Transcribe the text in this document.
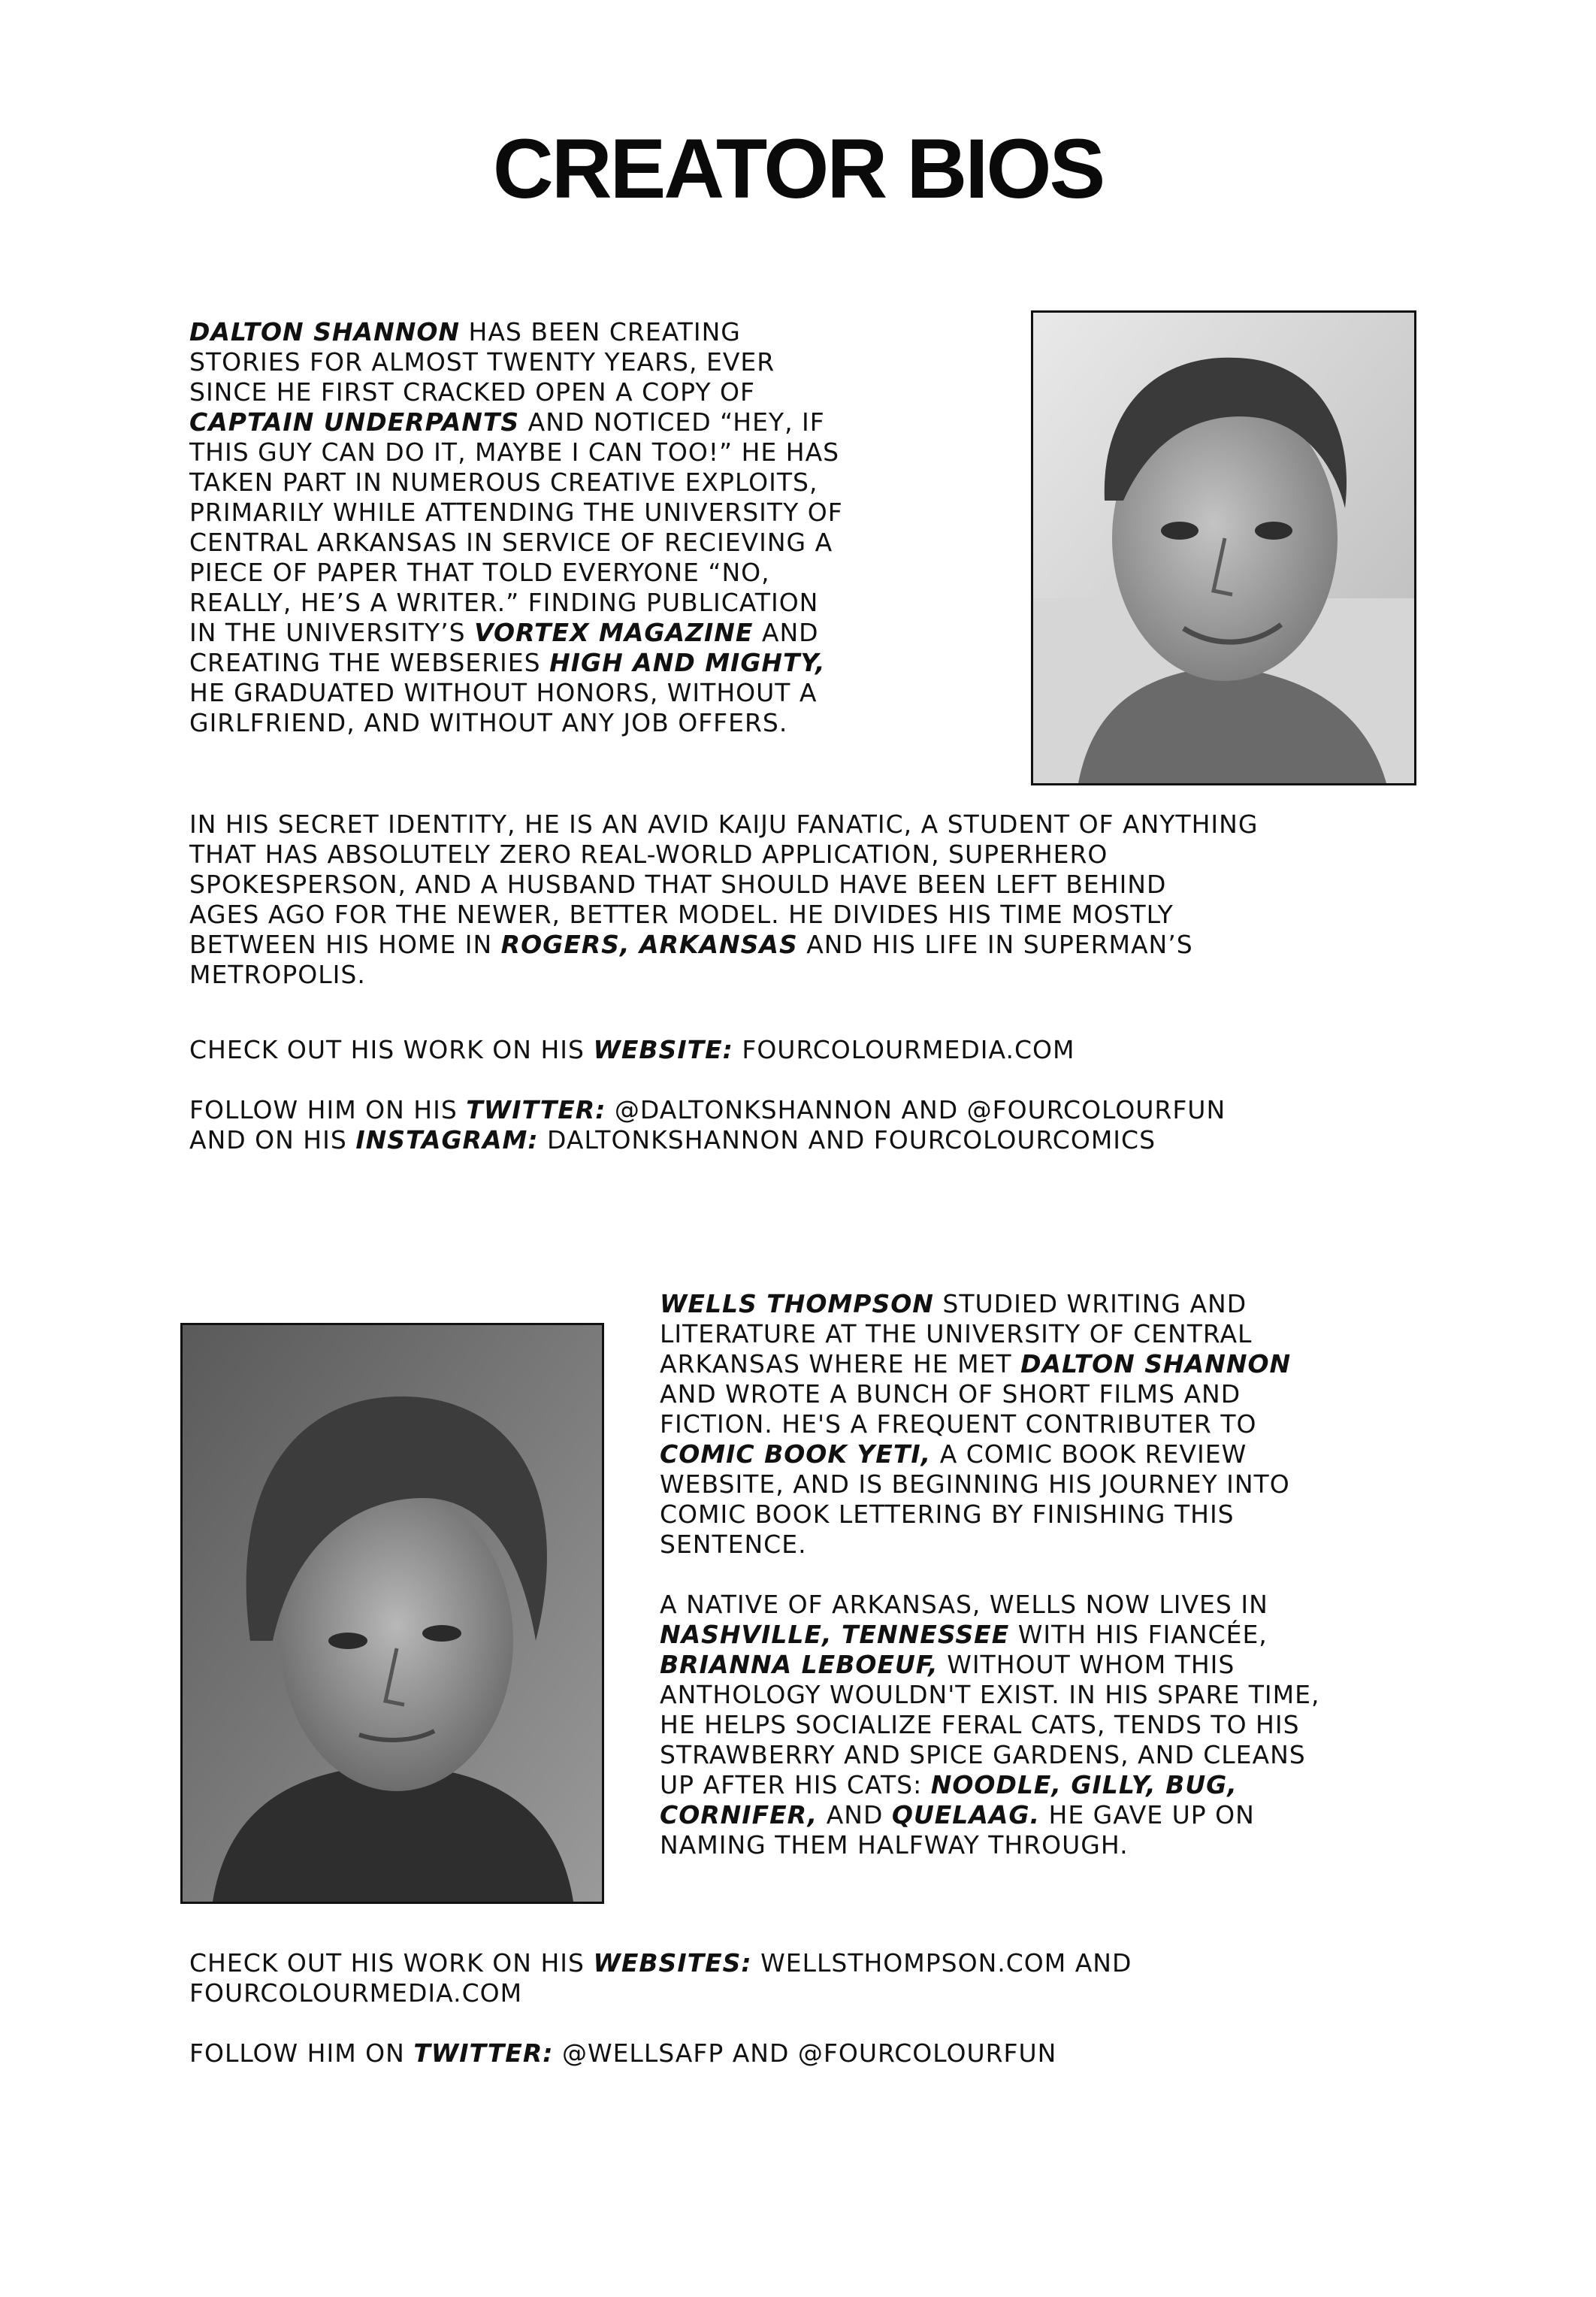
CREATOR BIOS
DALTON SHANNON HAS BEEN CREATING
STORIES FOR ALMOST TWENTY YEARS, EVER
SINCE HE FIRST CRACKED OPEN A COPY OF
CAPTAIN UNDERPANTS AND NOTICED “HEY, IF
THIS GUY CAN DO IT, MAYBE I CAN TOO!” HE HAS
TAKEN PART IN NUMEROUS CREATIVE EXPLOITS,
PRIMARILY WHILE ATTENDING THE UNIVERSITY OF
CENTRAL ARKANSAS IN SERVICE OF RECIEVING A
PIECE OF PAPER THAT TOLD EVERYONE “NO,
REALLY, HE’S A WRITER.” FINDING PUBLICATION
IN THE UNIVERSITY’S VORTEX MAGAZINE AND
CREATING THE WEBSERIES HIGH AND MIGHTY,
HE GRADUATED WITHOUT HONORS, WITHOUT A
GIRLFRIEND, AND WITHOUT ANY JOB OFFERS.
IN HIS SECRET IDENTITY, HE IS AN AVID KAIJU FANATIC, A STUDENT OF ANYTHING
THAT HAS ABSOLUTELY ZERO REAL-WORLD APPLICATION, SUPERHERO
SPOKESPERSON, AND A HUSBAND THAT SHOULD HAVE BEEN LEFT BEHIND
AGES AGO FOR THE NEWER, BETTER MODEL. HE DIVIDES HIS TIME MOSTLY
BETWEEN HIS HOME IN ROGERS, ARKANSAS AND HIS LIFE IN SUPERMAN’S
METROPOLIS.
CHECK OUT HIS WORK ON HIS WEBSITE: FOURCOLOURMEDIA.COM
FOLLOW HIM ON HIS TWITTER: @DALTONKSHANNON AND @FOURCOLOURFUN
AND ON HIS INSTAGRAM: DALTONKSHANNON AND FOURCOLOURCOMICS
WELLS THOMPSON STUDIED WRITING AND
LITERATURE AT THE UNIVERSITY OF CENTRAL
ARKANSAS WHERE HE MET DALTON SHANNON
AND WROTE A BUNCH OF SHORT FILMS AND
FICTION. HE'S A FREQUENT CONTRIBUTER TO
COMIC BOOK YETI, A COMIC BOOK REVIEW
WEBSITE, AND IS BEGINNING HIS JOURNEY INTO
COMIC BOOK LETTERING BY FINISHING THIS
SENTENCE.
A NATIVE OF ARKANSAS, WELLS NOW LIVES IN
NASHVILLE, TENNESSEE WITH HIS FIANCÉE,
BRIANNA LEBOEUF, WITHOUT WHOM THIS
ANTHOLOGY WOULDN'T EXIST. IN HIS SPARE TIME,
HE HELPS SOCIALIZE FERAL CATS, TENDS TO HIS
STRAWBERRY AND SPICE GARDENS, AND CLEANS
UP AFTER HIS CATS: NOODLE, GILLY, BUG,
CORNIFER, AND QUELAAG. HE GAVE UP ON
NAMING THEM HALFWAY THROUGH.
CHECK OUT HIS WORK ON HIS WEBSITES: WELLSTHOMPSON.COM AND
FOURCOLOURMEDIA.COM
FOLLOW HIM ON TWITTER: @WELLSAFP AND @FOURCOLOURFUN
